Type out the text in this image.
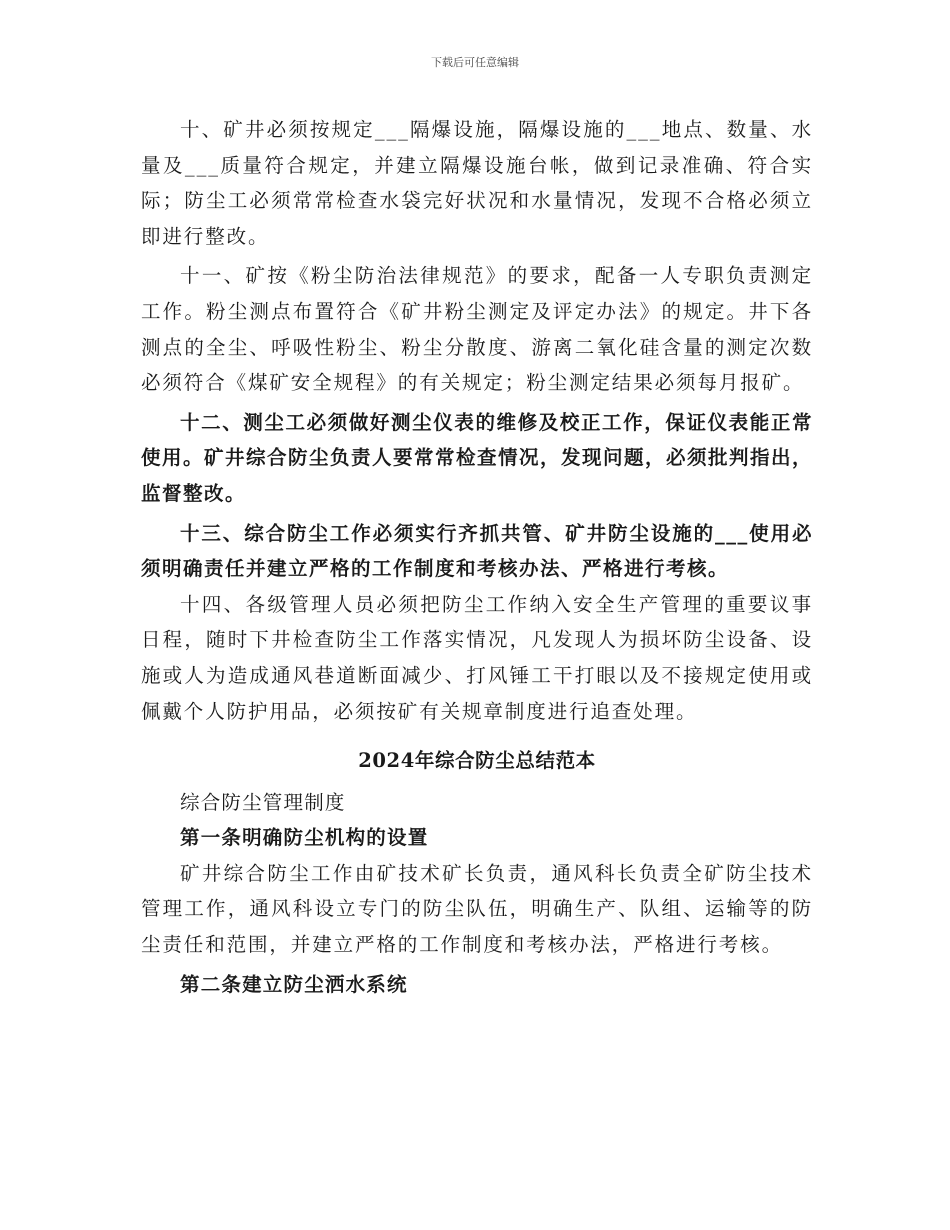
下载后可任意编辑

十、矿井必须按规定___隔爆设施，隔爆设施的___地点、数量、水量及___质量符合规定，并建立隔爆设施台帐，做到记录准确、符合实际；防尘工必须常常检查水袋完好状况和水量情况，发现不合格必须立即进行整改。

十一、矿按《粉尘防治法律规范》的要求，配备一人专职负责测定工作。粉尘测点布置符合《矿井粉尘测定及评定办法》的规定。井下各测点的全尘、呼吸性粉尘、粉尘分散度、游离二氧化硅含量的测定次数必须符合《煤矿安全规程》的有关规定；粉尘测定结果必须每月报矿。

十二、测尘工必须做好测尘仪表的维修及校正工作，保证仪表能正常使用。矿井综合防尘负责人要常常检查情况，发现问题，必须批判指出，监督整改。

十三、综合防尘工作必须实行齐抓共管、矿井防尘设施的___使用必须明确责任并建立严格的工作制度和考核办法、严格进行考核。

十四、各级管理人员必须把防尘工作纳入安全生产管理的重要议事日程，随时下井检查防尘工作落实情况，凡发现人为损坏防尘设备、设施或人为造成通风巷道断面减少、打风锤工干打眼以及不接规定使用或佩戴个人防护用品，必须按矿有关规章制度进行追查处理。

2024年综合防尘总结范本

综合防尘管理制度

第一条明确防尘机构的设置

矿井综合防尘工作由矿技术矿长负责，通风科长负责全矿防尘技术管理工作，通风科设立专门的防尘队伍，明确生产、队组、运输等的防尘责任和范围，并建立严格的工作制度和考核办法，严格进行考核。

第二条建立防尘洒水系统
